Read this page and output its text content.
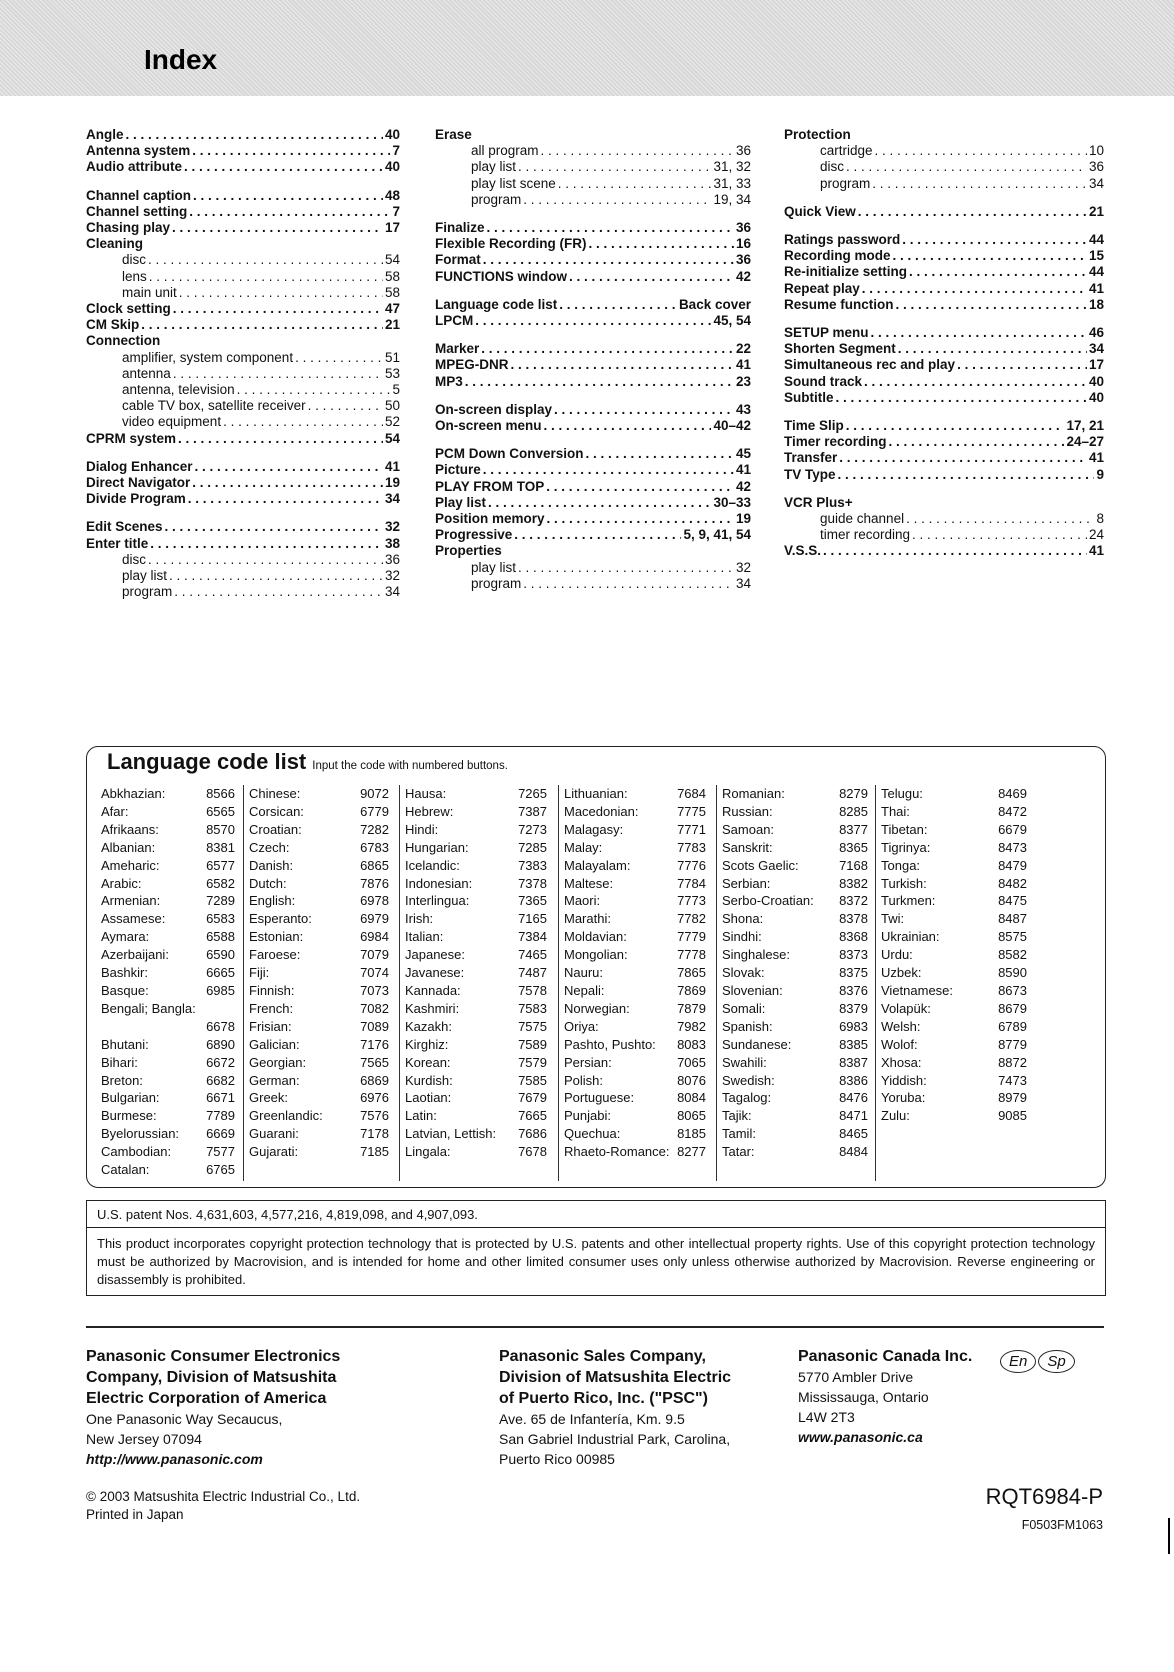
Index
Angle . . .	40
Antenna system . . .	7
Audio attribute . . .	40
Channel caption . . .	48
Channel setting . . .	7
Chasing play . . .	17
Cleaning
disc . . .	54
lens . . .	58
main unit . . .	58
Clock setting . . .	47
CM Skip . . .	21
Connection
amplifier, system component . . .	51
antenna . . .	53
antenna, television . . .	5
cable TV box, satellite receiver . . .	50
video equipment . . .	52
CPRM system . . .	54
Dialog Enhancer . . .	41
Direct Navigator . . .	19
Divide Program . . .	34
Edit Scenes . . .	32
Enter title . . .	38
disc . . .	36
play list . . .	32
program . . .	34
Erase
all program . . .	36
play list . . .	31, 32
play list scene . . .	31, 33
program . . .	19, 34
Finalize . . .	36
Flexible Recording (FR) . . .	16
Format . . .	36
FUNCTIONS window . . .	42
Language code list . . .	Back cover
LPCM . . .	45, 54
Marker . . .	22
MPEG-DNR . . .	41
MP3 . . .	23
On-screen display . . .	43
On-screen menu . . .	40–42
PCM Down Conversion . . .	45
Picture . . .	41
PLAY FROM TOP . . .	42
Play list . . .	30–33
Position memory . . .	19
Progressive . . .	5, 9, 41, 54
Properties
play list . . .	32
program . . .	34
Protection
cartridge . . .	10
disc . . .	36
program . . .	34
Quick View . . .	21
Ratings password . . .	44
Recording mode . . .	15
Re-initialize setting . . .	44
Repeat play . . .	41
Resume function . . .	18
SETUP menu . . .	46
Shorten Segment . . .	34
Simultaneous rec and play . . .	17
Sound track . . .	40
Subtitle . . .	40
Time Slip . . .	17, 21
Timer recording . . .	24–27
Transfer . . .	41
TV Type . . .	9
VCR Plus+
guide channel . . .	8
timer recording . . .	24
V.S.S. . . .	41
Language code list Input the code with numbered buttons.
Abkhazian:	8566
Afar:	6565
Afrikaans:	8570
Albanian:	8381
Ameharic:	6577
Arabic:	6582
Armenian:	7289
Assamese:	6583
Aymara:	6588
Azerbaijani:	6590
Bashkir:	6665
Basque:	6985
Bengali; Bangla:
6678
Bhutani:	6890
Bihari:	6672
Breton:	6682
Bulgarian:	6671
Burmese:	7789
Byelorussian: 6669
Cambodian:	7577
Catalan:	6765
Chinese:	9072
Corsican:	6779
Croatian:	7282
Czech:	6783
Danish:	6865
Dutch:	7876
English:	6978
Esperanto:	6979
Estonian:	6984
Faroese:	7079
Fiji:	7074
Finnish:	7073
French:	7082
Frisian:	7089
Galician:	7176
Georgian:	7565
German:	6869
Greek:	6976
Greenlandic:	7576
Guarani:	7178
Gujarati:	7185
Hausa:	7265
Hebrew:	7387
Hindi:	7273
Hungarian:	7285
Icelandic:	7383
Indonesian:	7378
Interlingua:	7365
Irish:	7165
Italian:	7384
Japanese:	7465
Javanese:	7487
Kannada:	7578
Kashmiri:	7583
Kazakh:	7575
Kirghiz:	7589
Korean:	7579
Kurdish:	7585
Laotian:	7679
Latin:	7665
Latvian, Lettish: 7686
Lingala:	7678
Lithuanian:	7684
Macedonian:	7775
Malagasy:	7771
Malay:	7783
Malayalam:	7776
Maltese:	7784
Maori:	7773
Marathi:	7782
Moldavian:	7779
Mongolian:	7778
Nauru:	7865
Nepali:	7869
Norwegian:	7879
Oriya:	7982
Pashto, Pushto: 8083
Persian:	7065
Polish:	8076
Portuguese:	8084
Punjabi:	8065
Quechua:	8185
Rhaeto-Romance: 8277
Romanian:	8279
Russian:	8285
Samoan:	8377
Sanskrit:	8365
Scots Gaelic:	7168
Serbian:	8382
Serbo-Croatian: 8372
Shona:	8378
Sindhi:	8368
Singhalese:	8373
Slovak:	8375
Slovenian:	8376
Somali:	8379
Spanish:	6983
Sundanese:	8385
Swahili:	8387
Swedish:	8386
Tagalog:	8476
Tajik:	8471
Tamil:	8465
Tatar:	8484
Telugu:	8469
Thai:	8472
Tibetan:	6679
Tigrinya:	8473
Tonga:	8479
Turkish:	8482
Turkmen:	8475
Twi:	8487
Ukrainian:	8575
Urdu:	8582
Uzbek:	8590
Vietnamese:	8673
Volapük:	8679
Welsh:	6789
Wolof:	8779
Xhosa:	8872
Yiddish:	7473
Yoruba:	8979
Zulu:	9085
U.S. patent Nos. 4,631,603, 4,577,216, 4,819,098, and 4,907,093.
This product incorporates copyright protection technology that is protected by U.S. patents and other intellectual property rights. Use of this copyright protection technology must be authorized by Macrovision, and is intended for home and other limited consumer uses only unless otherwise authorized by Macrovision. Reverse engineering or disassembly is prohibited.
Panasonic Consumer Electronics
Company, Division of Matsushita
Electric Corporation of America
One Panasonic Way Secaucus,
New Jersey 07094
http://www.panasonic.com
Panasonic Sales Company,
Division of Matsushita Electric
of Puerto Rico, Inc. ("PSC")
Ave. 65 de Infantería, Km. 9.5
San Gabriel Industrial Park, Carolina,
Puerto Rico 00985
Panasonic Canada Inc.
5770 Ambler Drive
Mississauga, Ontario
L4W 2T3
www.panasonic.ca
En Sp
© 2003 Matsushita Electric Industrial Co., Ltd.
Printed in Japan
RQT6984-P
F0503FM1063
